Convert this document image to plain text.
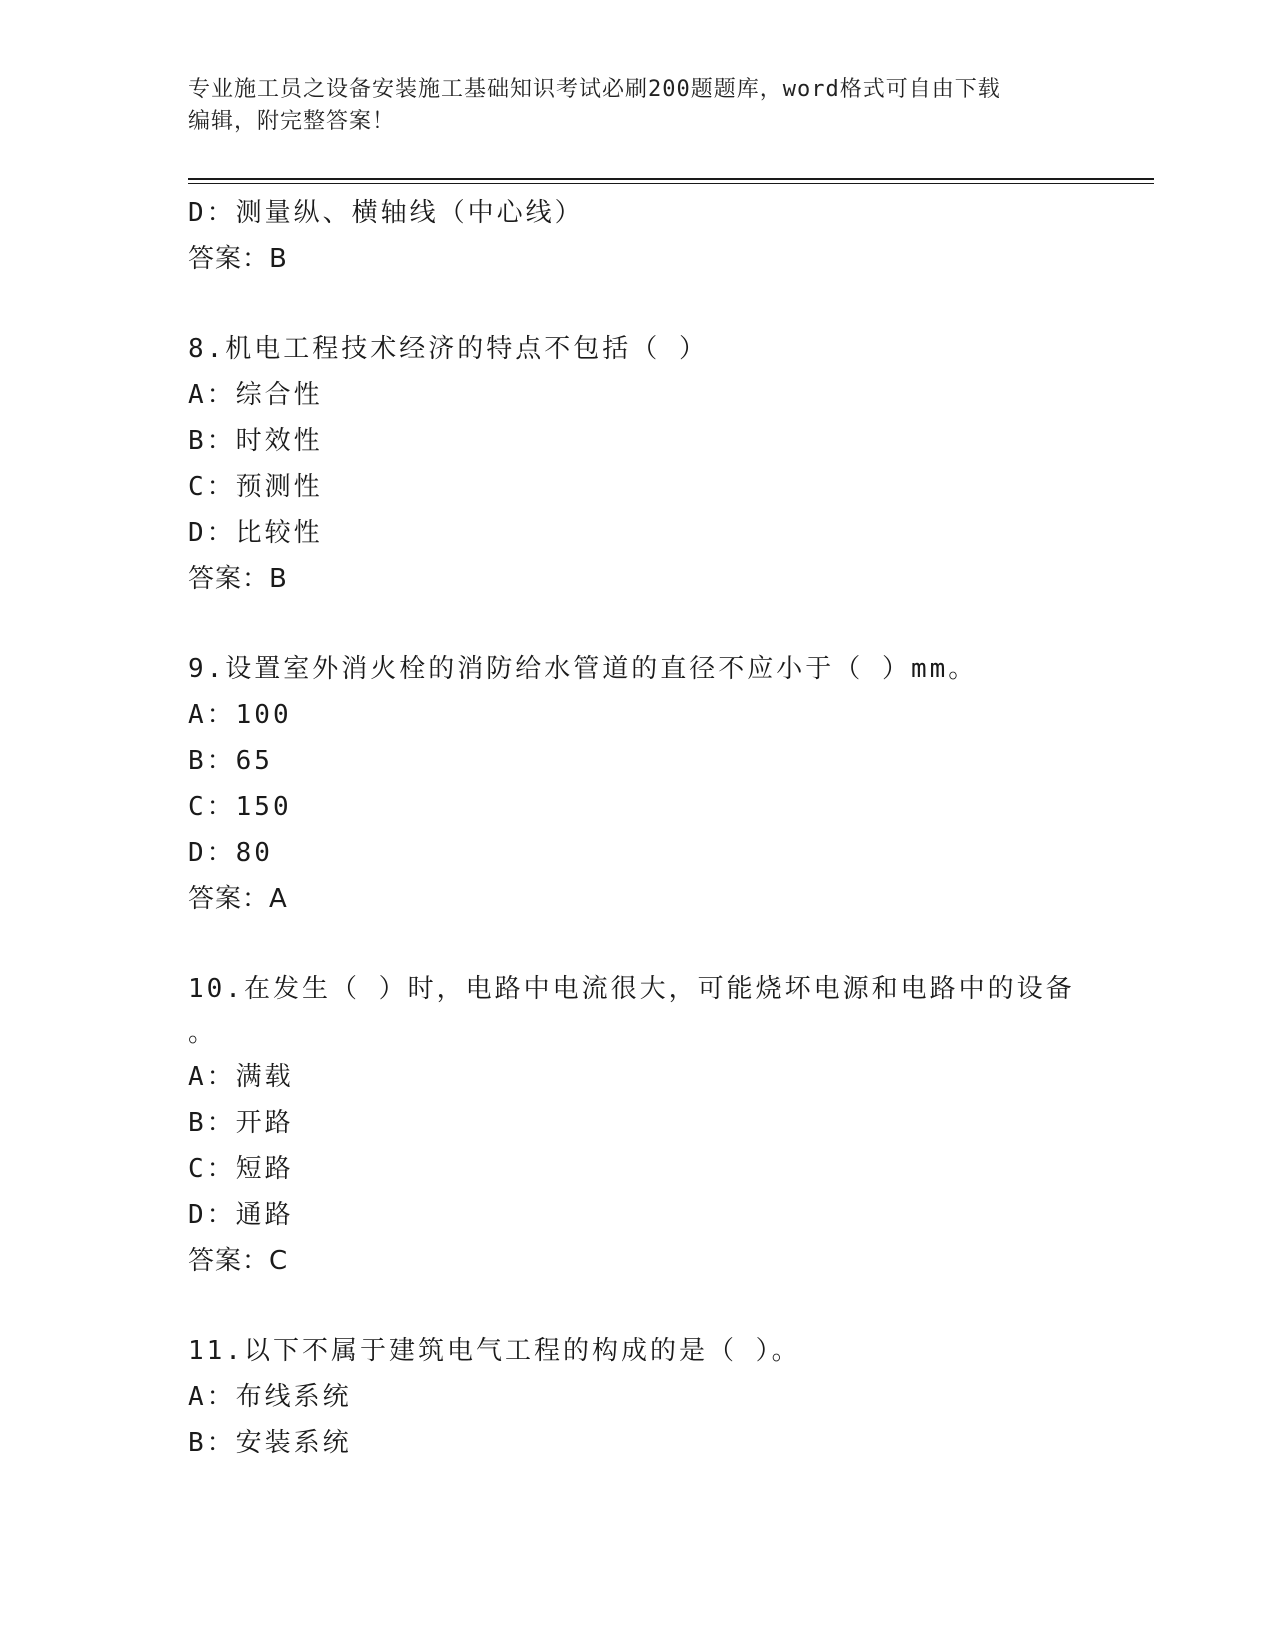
专业施工员之设备安装施工基础知识考试必刷200题题库，word格式可自由下载
编辑，附完整答案！
D：测量纵、横轴线（中心线）
答案：B
8.机电工程技术经济的特点不包括（ ）
A：综合性
B：时效性
C：预测性
D：比较性
答案：B
9.设置室外消火栓的消防给水管道的直径不应小于（ ）mm。
A：100
B：65
C：150
D：80
答案：A
10.在发生（ ）时，电路中电流很大，可能烧坏电源和电路中的设备
。
A：满载
B：开路
C：短路
D：通路
答案：C
11.以下不属于建筑电气工程的构成的是（ ）。
A：布线系统
B：安装系统
